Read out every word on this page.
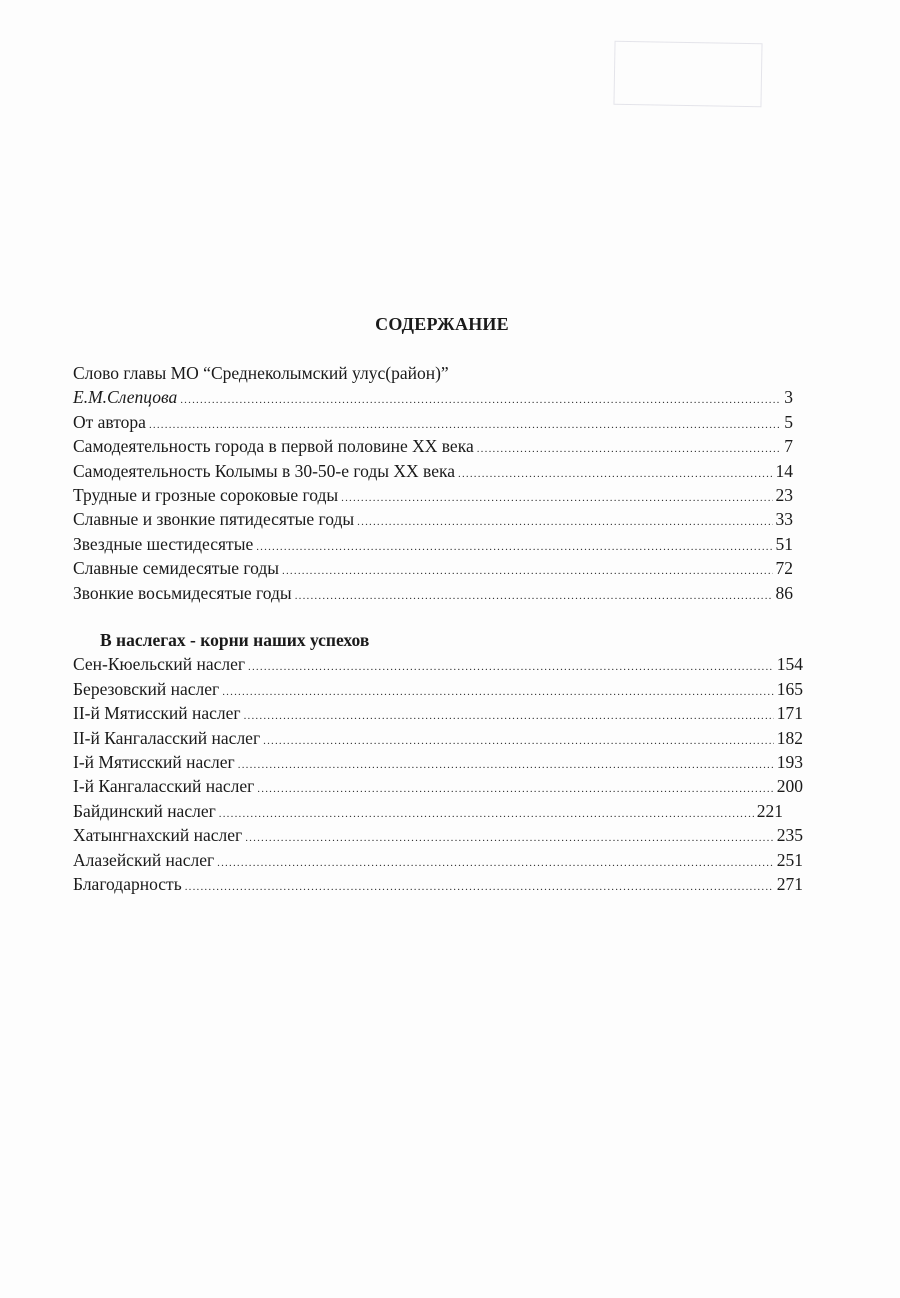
СОДЕРЖАНИЕ
Слово главы МО “Среднеколымский улус(район)”
Е.М.Слепцова .....	3
От автора .....	5
Самодеятельность города в первой половине XX века .....	7
Самодеятельность Колымы в 30-50-е годы XX века .....	14
Трудные и грозные сороковые годы .....	23
Славные и звонкие пятидесятые годы .....	33
Звездные шестидесятые .....	51
Славные семидесятые годы .....	72
Звонкие восьмидесятые годы .....	86
В наслегах - корни наших успехов
Сен-Кюельский наслег .....	154
Березовский наслег .....	165
II-й Мятисский наслег .....	171
II-й Кангаласский наслег .....	182
I-й Мятисский наслег .....	193
I-й Кангаласский наслег .....	200
Байдинский наслег .....	221
Хатынгнахский наслег .....	235
Алазейский наслег .....	251
Благодарность .....	271
